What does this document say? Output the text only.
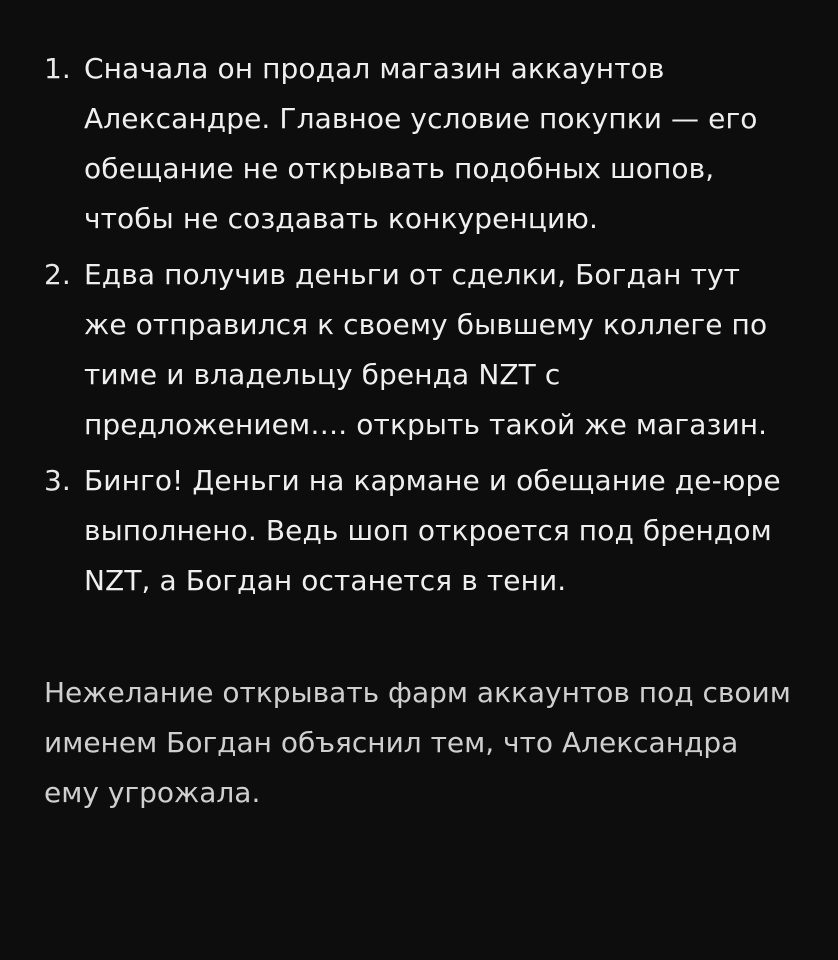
1. Сначала он продал магазин аккаунтов Александре. Главное условие покупки — его обещание не открывать подобных шопов, чтобы не создавать конкуренцию.
2. Едва получив деньги от сделки, Богдан тут же отправился к своему бывшему коллеге по тиме и владельцу бренда NZT с предложением…. открыть такой же магазин.
3. Бинго! Деньги на кармане и обещание де-юре выполнено. Ведь шоп откроется под брендом NZT, а Богдан останется в тени.

Нежелание открывать фарм аккаунтов под своим именем Богдан объяснил тем, что Александра ему угрожала.
